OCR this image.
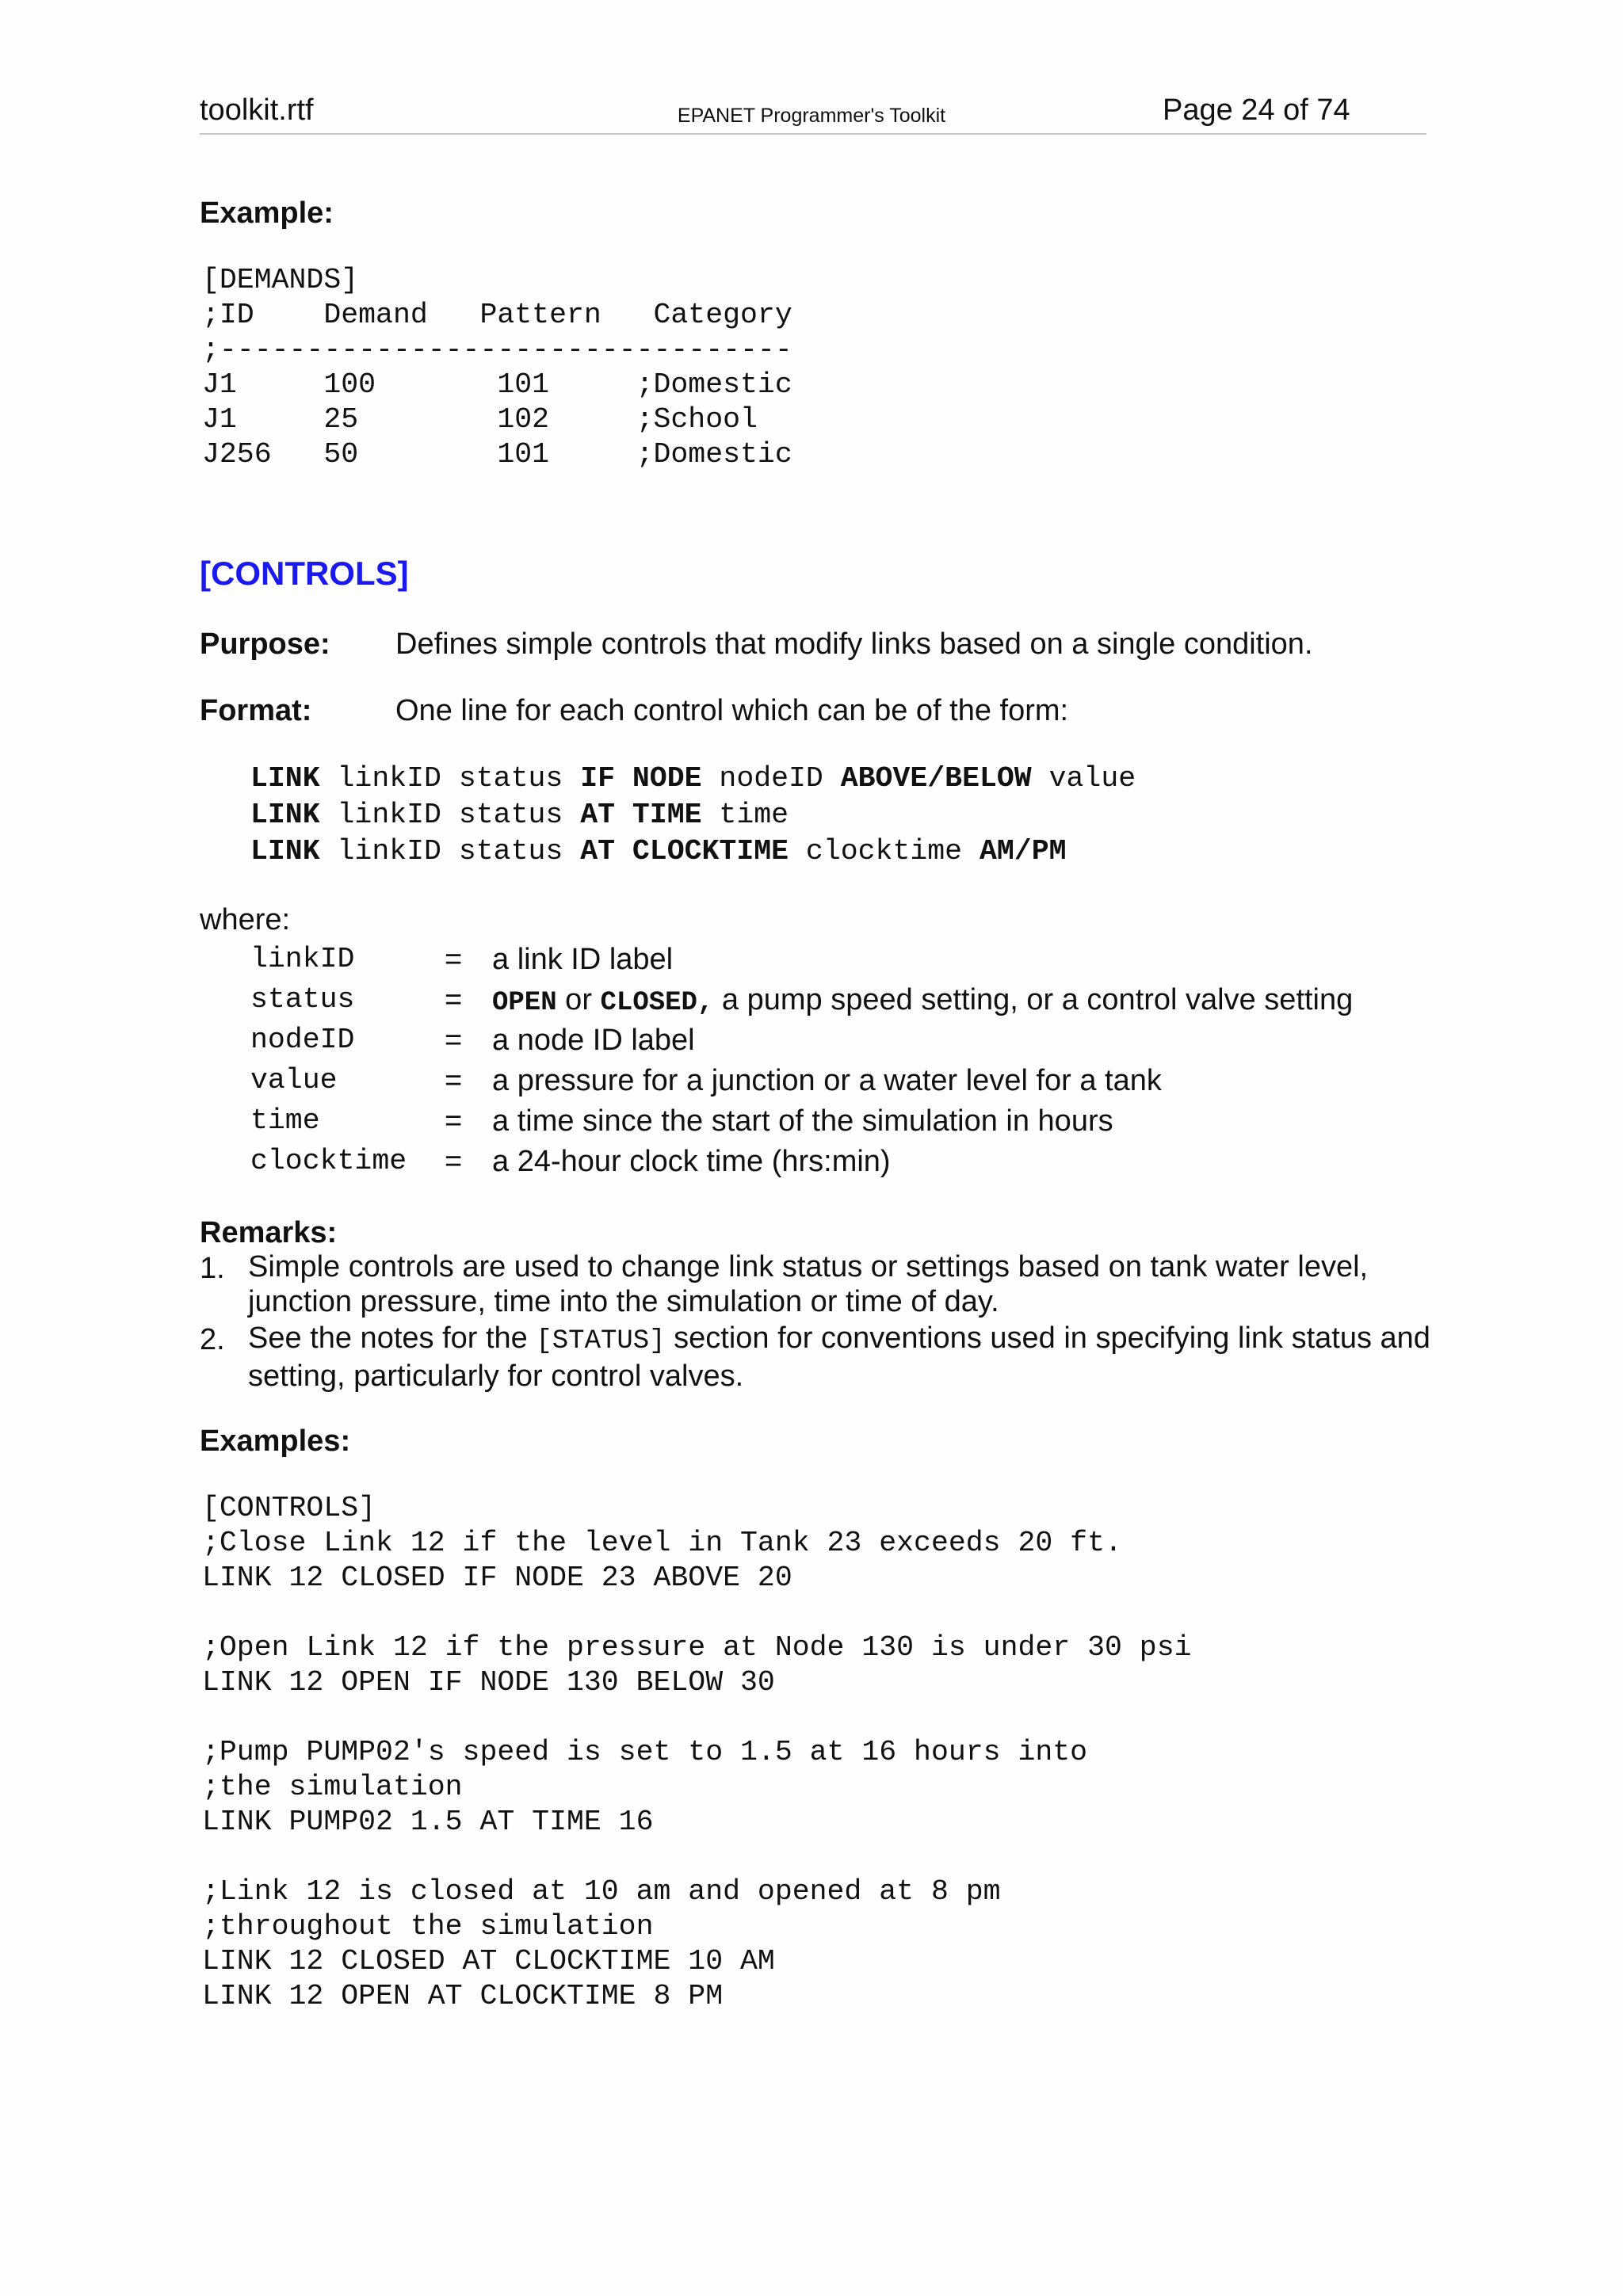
toolkit.rtf	EPANET Programmer's Toolkit	Page 24 of 74
Example:
[DEMANDS]
;ID    Demand   Pattern   Category
;---------------------------------
J1     100       101     ;Domestic
J1     25        102     ;School
J256   50        101     ;Domestic
[CONTROLS]
Purpose: Defines simple controls that modify links based on a single condition.
Format:	One line for each control which can be of the form:
LINK linkID status IF NODE nodeID ABOVE/BELOW value
LINK linkID status AT TIME time
LINK linkID status AT CLOCKTIME clocktime AM/PM
where:
linkID	= a link ID label
status	= OPEN or CLOSED, a pump speed setting, or a control valve setting
nodeID	= a node ID label
value	= a pressure for a junction or a water level for a tank
time	= a time since the start of the simulation in hours
clocktime = a 24-hour clock time (hrs:min)
Remarks:
1. Simple controls are used to change link status or settings based on tank water level, junction pressure, time into the simulation or time of day.
2. See the notes for the [STATUS] section for conventions used in specifying link status and setting, particularly for control valves.
Examples:
[CONTROLS]
;Close Link 12 if the level in Tank 23 exceeds 20 ft.
LINK 12 CLOSED IF NODE 23 ABOVE 20

;Open Link 12 if the pressure at Node 130 is under 30 psi
LINK 12 OPEN IF NODE 130 BELOW 30

;Pump PUMP02's speed is set to 1.5 at 16 hours into
;the simulation
LINK PUMP02 1.5 AT TIME 16

;Link 12 is closed at 10 am and opened at 8 pm
;throughout the simulation
LINK 12 CLOSED AT CLOCKTIME 10 AM
LINK 12 OPEN AT CLOCKTIME 8 PM
